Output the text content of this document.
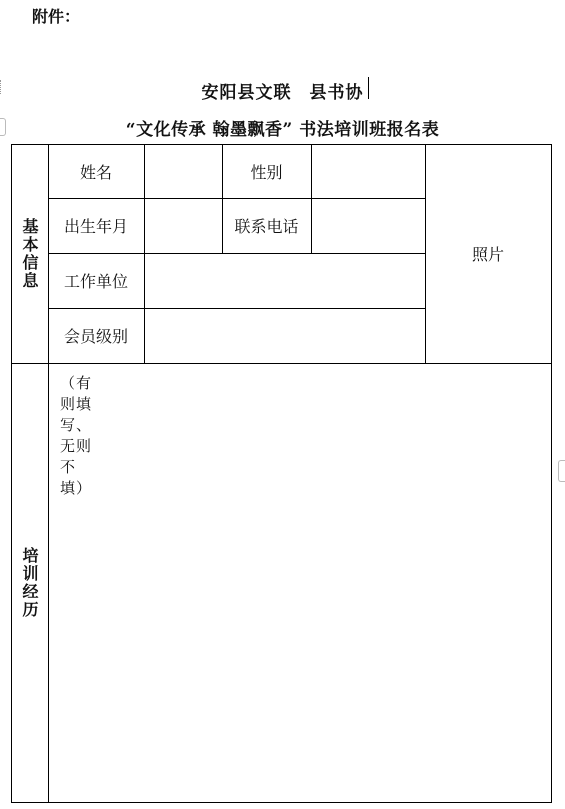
附件：
安阳县文联　县书协
“文化传承 翰墨飘香” 书法培训班报名表
基本信息
培训经历
姓名	性别
出生年月	联系电话
工作单位
会员级别
照片
（有则填写、无则不填）
